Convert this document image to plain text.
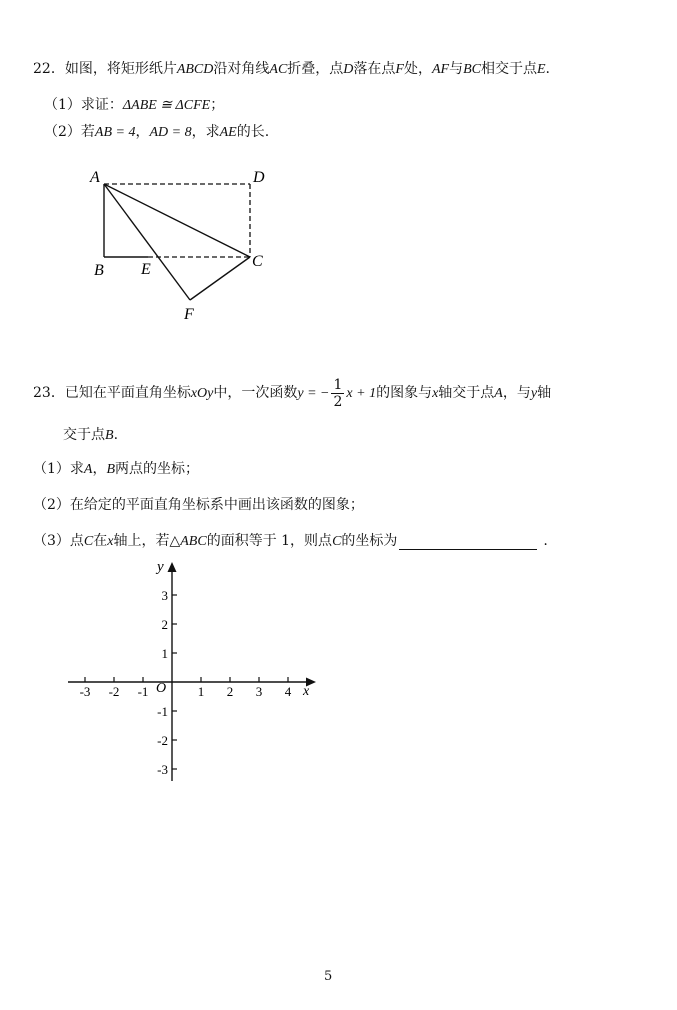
22．如图，将矩形纸片ABCD沿对角线AC折叠，点D落在点F处，AF与BC相交于点E.
（1）求证：ΔABE ≅ ΔCFE；
（2）若AB = 4，AD = 8，求AE的长.
A	D
B E	C
F
23．已知在平面直角坐标xOy中，一次函数y = − $\frac{1}{2}$ x + 1的图象与x轴交于点A，与y轴
交于点B.
（1）求A，B两点的坐标；
（2）在给定的平面直角坐标系中画出该函数的图象；
（3）点C在x轴上，若△ABC的面积等于 1，则点C的坐标为	.
-3 -2 -1	1 2 3 4
3
2
1
-1
-2
-3
x
y
O
5
